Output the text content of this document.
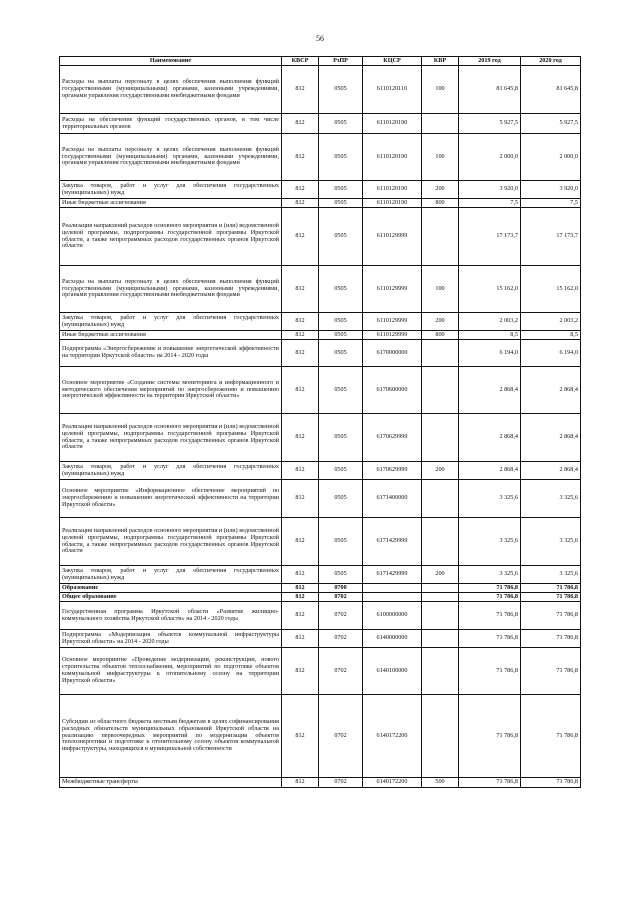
56
Наименование	КВСР	РзПР	КЦСР	КВР	2019 год	2020 год
Расходы на выплаты персоналу в целях обеспечения выполнения функций государственными (муниципальными) органами, казенными учреждениями, органами управления государственными внебюджетными фондами	812	0505	6110120110	100	81 645,8	81 645,8
Расходы на обеспечение функций государственных органов, в том числе территориальных органов	812	0505	6110120190		5 927,5	5 927,5
Расходы на выплаты персоналу в целях обеспечения выполнения функций государственными (муниципальными) органами, казенными учреждениями, органами управления государственными внебюджетными фондами	812	0505	6110120190	100	2 000,0	2 000,0
Закупка товаров, работ и услуг для обеспечения государственных (муниципальных) нужд	812	0505	6110120190	200	3 920,0	3 920,0
Иные бюджетные ассигнования	812	0505	6110120190	800	7,5	7,5
Реализация направлений расходов основного мероприятия и (или) ведомственной целевой программы, подпрограммы государственной программы Иркутской области, а также непрограммных расходов государственных органов Иркутской области	812	0505	6110129999		17 173,7	17 173,7
Расходы на выплаты персоналу в целях обеспечения выполнения функций государственными (муниципальными) органами, казенными учреждениями, органами управления государственными внебюджетными фондами	812	0505	6110129999	100	15 162,0	15 162,0
Закупка товаров, работ и услуг для обеспечения государственных (муниципальных) нужд	812	0505	6110129999	200	2 003,2	2 003,2
Иные бюджетные ассигнования	812	0505	6110129999	800	8,5	8,5
Подпрограмма «Энергосбережение и повышение энергетической эффективности на территории Иркутской области» на 2014 - 2020 годы	812	0505	6170000000		6 194,0	6 194,0
Основное мероприятие «Создание системы мониторинга и информационного и методического обеспечения мероприятий по энергосбережению и повышению энергетической эффективности на территории Иркутской области»	812	0505	6170600000		2 868,4	2 868,4
Реализация направлений расходов основного мероприятия и (или) ведомственной целевой программы, подпрограммы государственной программы Иркутской области, а также непрограммных расходов государственных органов Иркутской области	812	0505	6170629999		2 868,4	2 868,4
Закупка товаров, работ и услуг для обеспечения государственных (муниципальных) нужд	812	0505	6170629999	200	2 868,4	2 868,4
Основное мероприятие «Информационное обеспечение мероприятий по энергосбережению и повышению энергетической эффективности на территории Иркутской области»	812	0505	6171400000		3 325,6	3 325,6
Реализация направлений расходов основного мероприятия и (или) ведомственной целевой программы, подпрограммы государственной программы Иркутской области, а также непрограммных расходов государственных органов Иркутской области	812	0505	6171429999		3 325,6	3 325,6
Закупка товаров, работ и услуг для обеспечения государственных (муниципальных) нужд	812	0505	6171429999	200	3 325,6	3 325,6
Образование	812	0700			71 786,8	71 786,8
Общее образование	812	0702			71 786,8	71 786,8
Государственная программа Иркутской области «Развитие жилищно-коммунального хозяйства Иркутской области» на 2014 - 2020 годы	812	0702	6100000000		71 786,8	71 786,8
Подпрограмма «Модернизация объектов коммунальной инфраструктуры Иркутской области» на 2014 - 2020 годы	812	0702	6140000000		71 786,8	71 786,8
Основное мероприятие «Проведение модернизации, реконструкции, нового строительства объектов теплоснабжения, мероприятий по подготовке объектов коммунальной инфраструктуры к отопительному сезону на территории Иркутской области»	812	0702	6140100000		71 786,8	71 786,8
Субсидии из областного бюджета местным бюджетам в целях софинансирования расходных обязательств муниципальных образований Иркутской области на реализацию первоочередных мероприятий по модернизации объектов теплоэнергетики и подготовке к отопительному сезону объектов коммунальной инфраструктуры, находящихся в муниципальной собственности	812	0702	6140172200		71 786,8	71 786,8
Межбюджетные трансферты	812	0702	6140172200	500	71 786,8	71 786,8
